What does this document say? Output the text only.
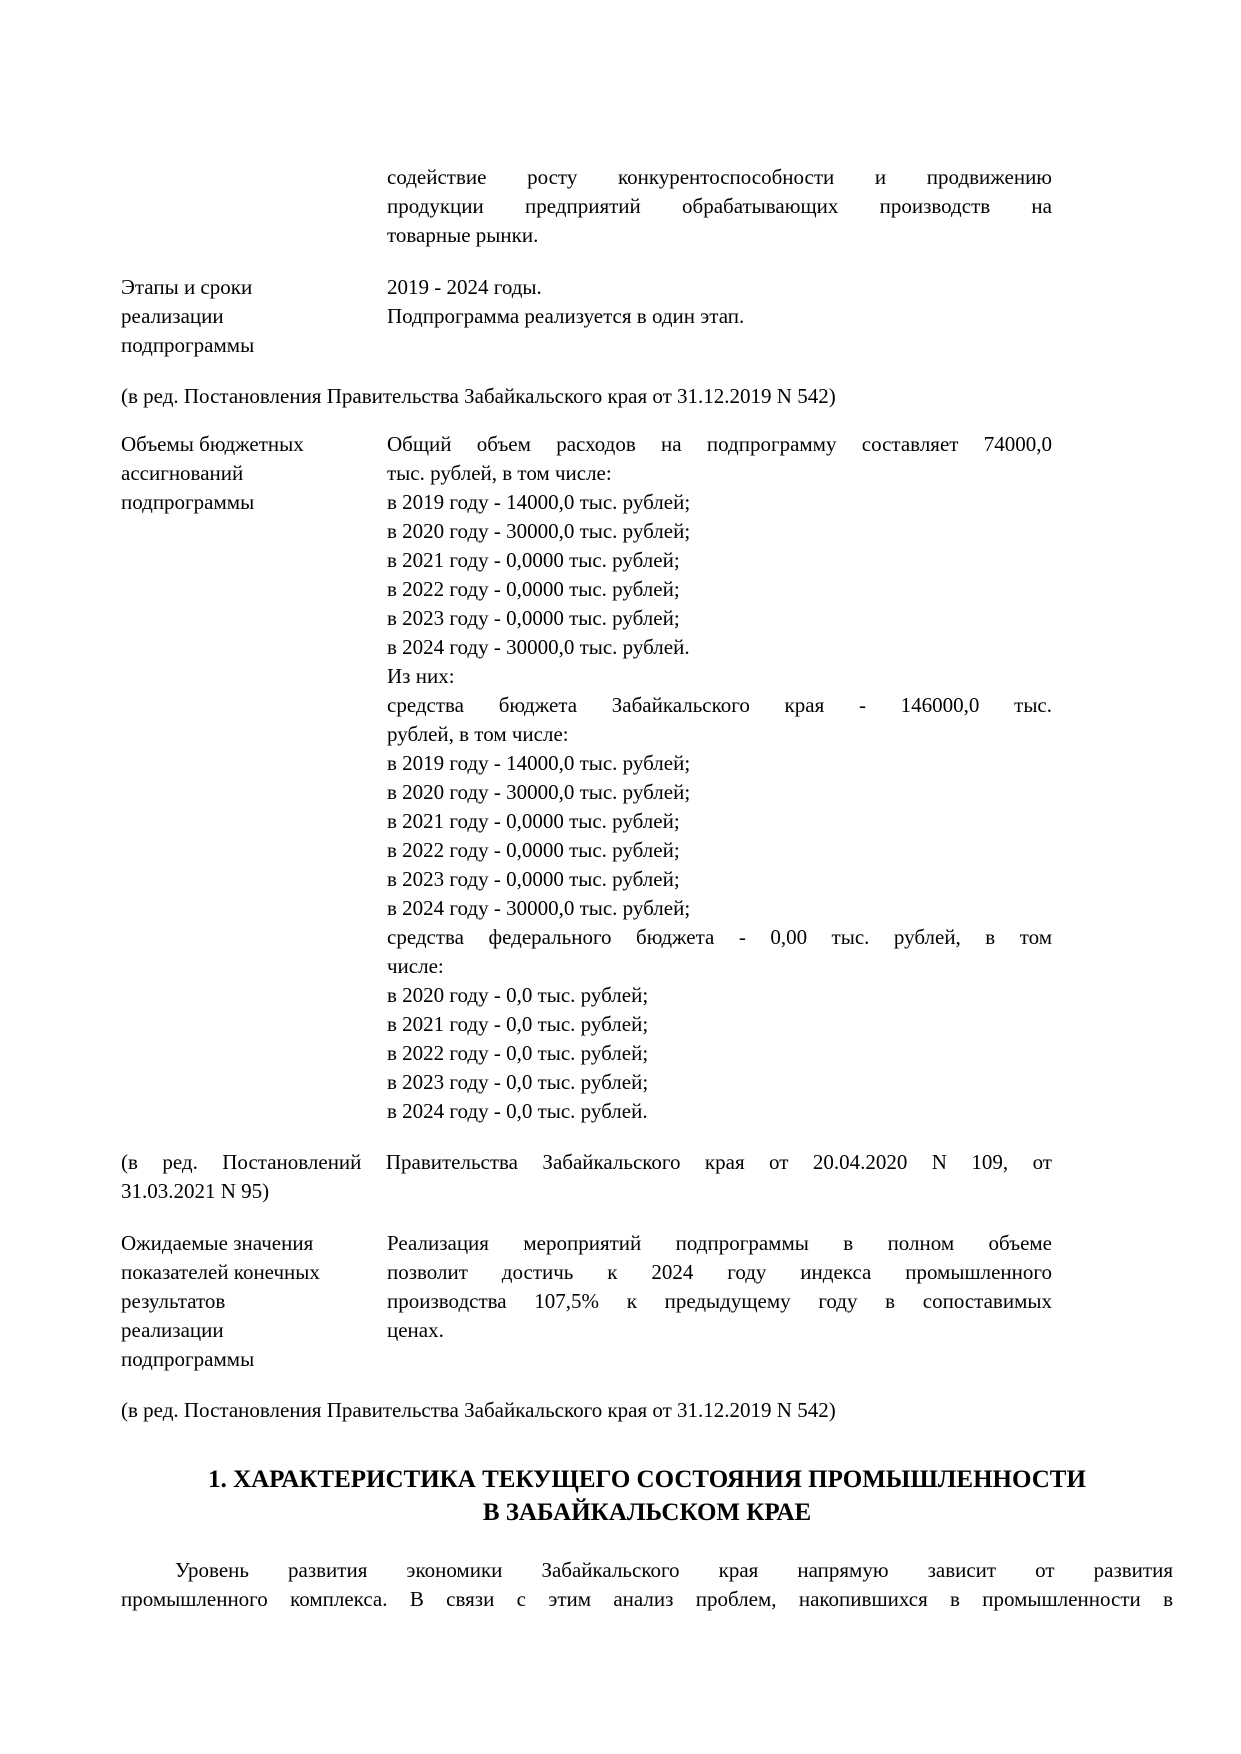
содействие росту конкурентоспособности и продвижению
продукции предприятий обрабатывающих производств на
товарные рынки.
Этапы и сроки
реализации
подпрограммы
2019 - 2024 годы.
Подпрограмма реализуется в один этап.
(в ред. Постановления Правительства Забайкальского края от 31.12.2019 N 542)
Объемы бюджетных
ассигнований
подпрограммы
Общий объем расходов на подпрограмму составляет 74000,0
тыс. рублей, в том числе:
в 2019 году - 14000,0 тыс. рублей;
в 2020 году - 30000,0 тыс. рублей;
в 2021 году - 0,0000 тыс. рублей;
в 2022 году - 0,0000 тыс. рублей;
в 2023 году - 0,0000 тыс. рублей;
в 2024 году - 30000,0 тыс. рублей.
Из них:
средства бюджета Забайкальского края - 146000,0 тыс.
рублей, в том числе:
в 2019 году - 14000,0 тыс. рублей;
в 2020 году - 30000,0 тыс. рублей;
в 2021 году - 0,0000 тыс. рублей;
в 2022 году - 0,0000 тыс. рублей;
в 2023 году - 0,0000 тыс. рублей;
в 2024 году - 30000,0 тыс. рублей;
средства федерального бюджета - 0,00 тыс. рублей, в том
числе:
в 2020 году - 0,0 тыс. рублей;
в 2021 году - 0,0 тыс. рублей;
в 2022 году - 0,0 тыс. рублей;
в 2023 году - 0,0 тыс. рублей;
в 2024 году - 0,0 тыс. рублей.
(в ред. Постановлений Правительства Забайкальского края от 20.04.2020 N 109, от
31.03.2021 N 95)
Ожидаемые значения
показателей конечных
результатов
реализации
подпрограммы
Реализация мероприятий подпрограммы в полном объеме
позволит достичь к 2024 году индекса промышленного
производства 107,5% к предыдущему году в сопоставимых
ценах.
(в ред. Постановления Правительства Забайкальского края от 31.12.2019 N 542)
1. ХАРАКТЕРИСТИКА ТЕКУЩЕГО СОСТОЯНИЯ ПРОМЫШЛЕННОСТИ
В ЗАБАЙКАЛЬСКОМ КРАЕ
Уровень развития экономики Забайкальского края напрямую зависит от развития
промышленного комплекса. В связи с этим анализ проблем, накопившихся в промышленности в
